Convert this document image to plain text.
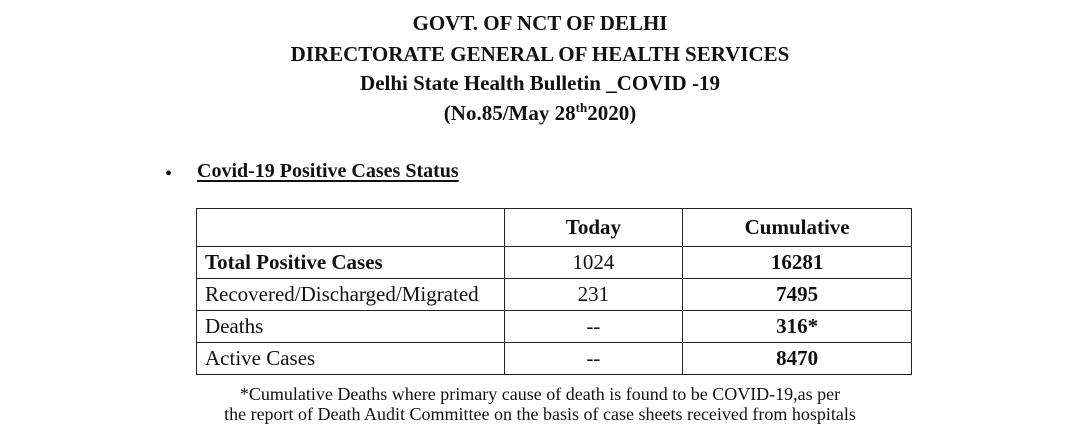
GOVT. OF NCT OF DELHI
DIRECTORATE GENERAL OF HEALTH SERVICES
Delhi State Health Bulletin _COVID -19
(No.85/May 28th2020)
• Covid-19 Positive Cases Status
	Today	Cumulative
Total Positive Cases	1024	16281
Recovered/Discharged/Migrated	231	7495
Deaths	--	316*
Active Cases	--	8470
*Cumulative Deaths where primary cause of death is found to be COVID-19,as per
the report of Death Audit Committee on the basis of case sheets received from hospitals
